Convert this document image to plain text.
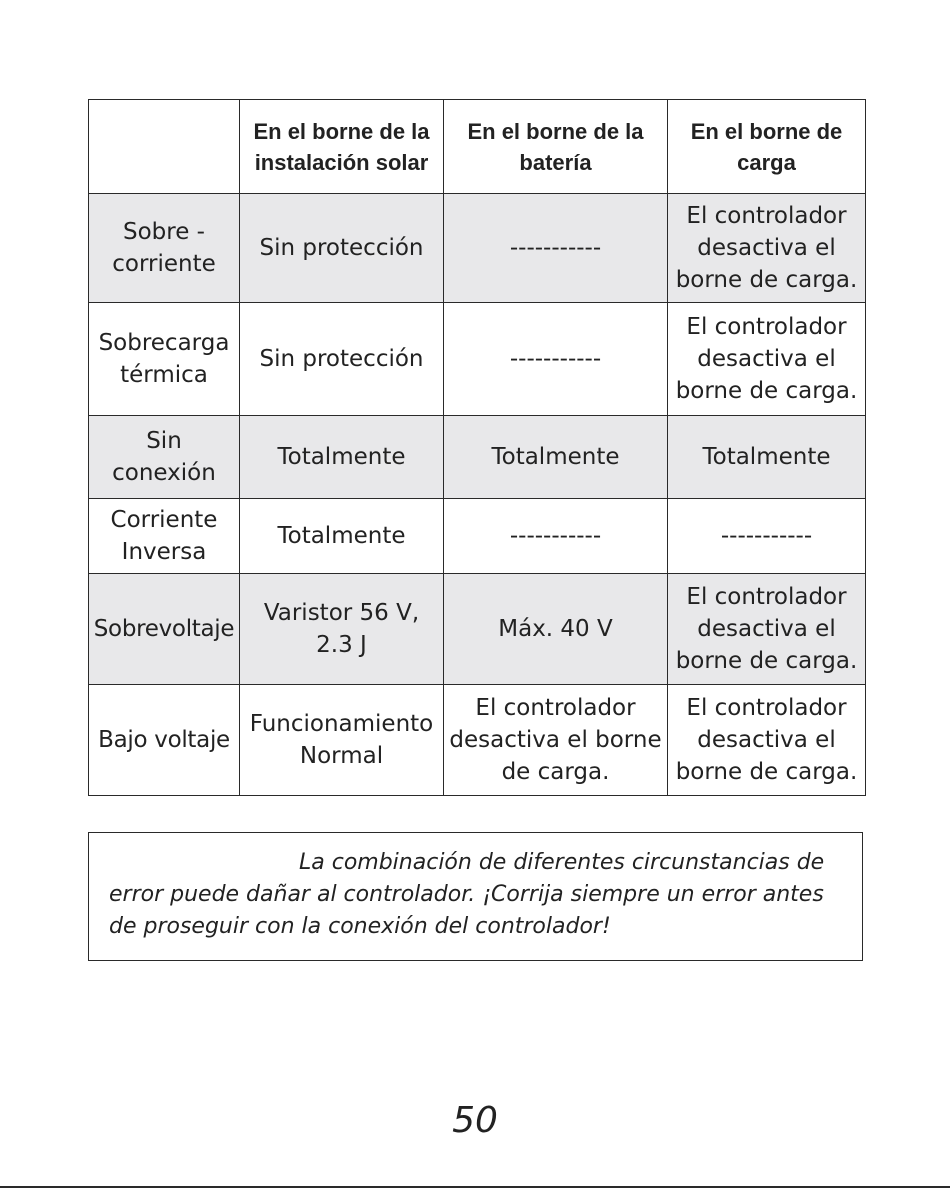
	En el borne de la instalación solar	En el borne de la batería	En el borne de carga
Sobre -corriente	Sin protección	-----------	El controlador desactiva el borne de carga.
Sobrecarga térmica	Sin protección	-----------	El controlador desactiva el borne de carga.
Sin conexión	Totalmente	Totalmente	Totalmente
Corriente Inversa	Totalmente	-----------	-----------
Sobrevoltaje	Varistor 56 V, 2.3 J	Máx. 40 V	El controlador desactiva el borne de carga.
Bajo voltaje	Funcionamiento Normal	El controlador desactiva el borne de carga.	El controlador desactiva el borne de carga.
La combinación de diferentes circunstancias de error puede dañar al controlador. ¡Corrija siempre un error antes de proseguir con la conexión del controlador!
50
